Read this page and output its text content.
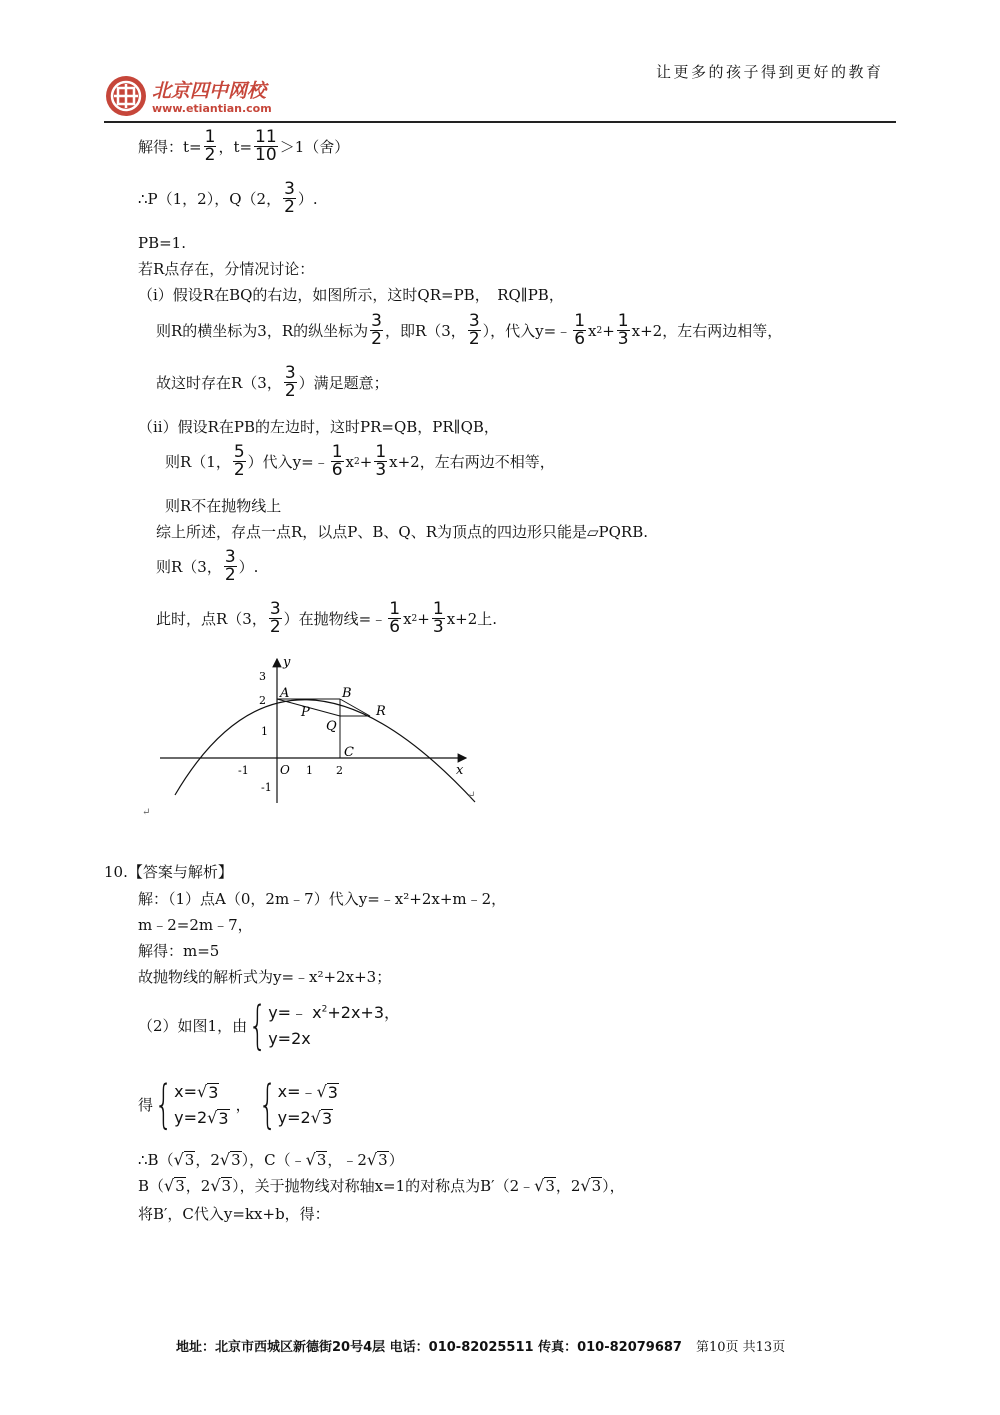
北京四中网校
www.etiantian.com
让更多的孩子得到更好的教育
解得：$t= \frac{1}{2}$ ，$t= \frac{11}{10} >1$（舍）
∴P（1，2），Q（2， $\frac{3}{2}$ ）.
PB=1.
若R点存在，分情况讨论：
（i）假设R在BQ的右边，如图所示，这时QR=PB，　RQ∥PB，
则R的横坐标为3，R的纵坐标为 $\frac{3}{2}$ ，即R（3， $\frac{3}{2}$ ），代入y=﹣ $\frac{1}{6}$ x $2 + \frac{1}{3} x+2$，左右两边相等，
故这时存在R（3， $\frac{3}{2}$ ）满足题意；
（ii）假设R在PB的左边时，这时PR=QB，PR∥QB，
则R（1， $\frac{5}{2}$ ）代入y=﹣ $\frac{1}{6}$ x $2 + \frac{1}{3} x+2$，左右两边不相等，
则R不在抛物线上
综上所述，存点一点R，以点P、B、Q、R为顶点的四边形只能是▱PQRB.
则R（3， $\frac{3}{2}$ ）.
此时，点R（3， $\frac{3}{2}$ ）在抛物线=﹣ $\frac{1}{6}$ x $2 + \frac{1}{3} x+2$上.
y
x
3
2
1
-1
-1	1 2
O
A	B
P
Q
R
C
↵
↵
10.【答案与解析】
解：（1）点A（0，2m﹣7）代入y=﹣x²+2x+m﹣2，
m﹣2=2m﹣7，
解得：m=5
故抛物线的解析式为y=﹣x²+2x+3；
（2）如图1，由 { y=﹣ $x^2+2x+3$，
y=2x
得 { x= √ 3
y=2 √ 3
， { x=﹣ √ 3
y=2 √ 3
∴B（ √ 3 ，2 √ 3 ），C（﹣ √ 3 ，﹣2 √ 3 ）
B（ √ 3 ，2 √ 3 ），关于抛物线对称轴x=1的对称点为B′（2﹣ √ 3 ，2 √ 3 ），
将B′，C代入y=kx+b，得：
地址：北京市西城区新德街20号4层 电话：010-82025511 传真：010-82079687 第10页 共13页
